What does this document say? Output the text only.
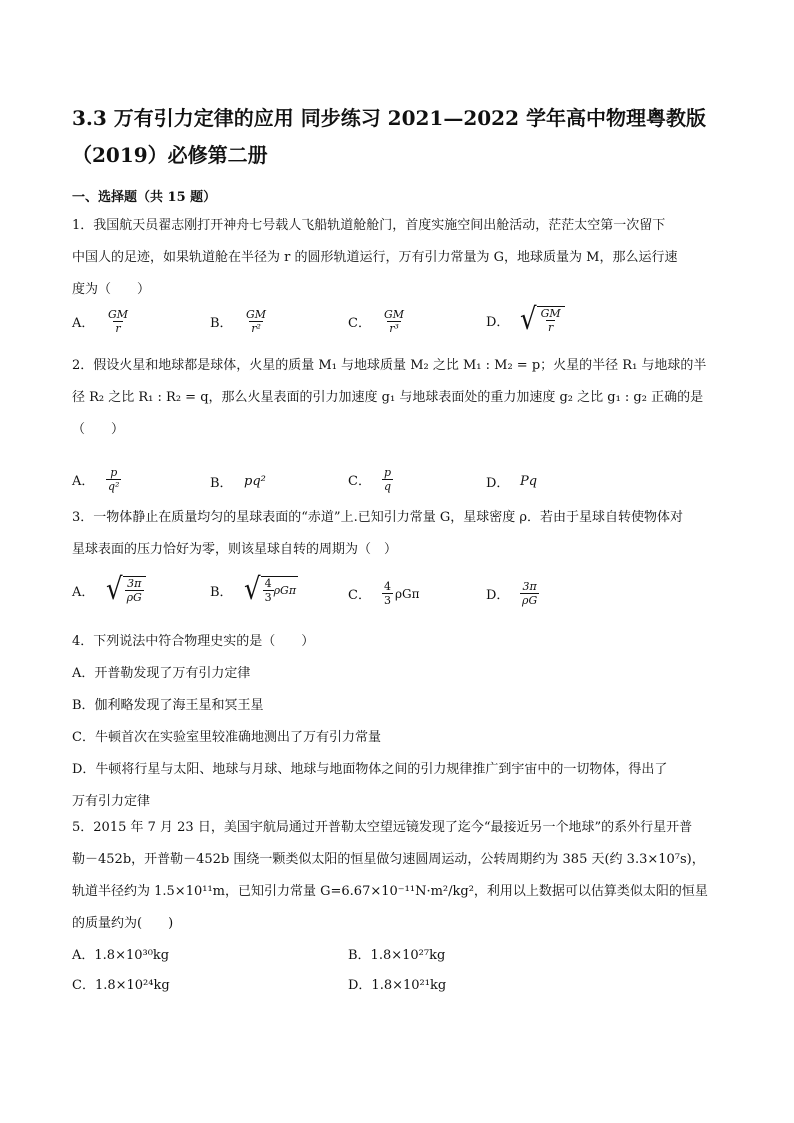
3.3 万有引力定律的应用 同步练习 2021—2022 学年高中物理粤教版（2019）必修第二册
一、选择题（共 15 题）
1．我国航天员翟志刚打开神舟七号载人飞船轨道舱舱门，首度实施空间出舱活动，茫茫太空第一次留下
中国人的足迹，如果轨道舱在半径为 r 的圆形轨道运行，万有引力常量为 G，地球质量为 M，那么运行速
度为（　　）
A．	$\frac{GM}{r}$	B．	$\frac{GM}{\text{r²}}$	C．	$\frac{GM}{\text{r³}}$	D． √ $\frac{GM}{r}$
2．假设火星和地球都是球体，火星的质量 M₁ 与地球质量 M₂ 之比 M₁ : M₂ = p；火星的半径 R₁ 与地球的半
径 R₂ 之比 R₁ : R₂ = q，那么火星表面的引力加速度 g₁ 与地球表面处的重力加速度 g₂ 之比 g₁ : g₂ 正确的是
（　　）
A．	$\frac{p}{\text{q²}}$	B． pq²	C．	$\frac{p}{q}$	D． Pq
3．一物体静止在质量均匀的星球表面的“赤道”上.已知引力常量 G，星球密度 ρ．若由于星球自转使物体对
星球表面的压力恰好为零，则该星球自转的周期为（　）
A． √ $\frac{3\pi}{\rho G}$	B． √ $\frac{4}{3}$ ρGπ	C．	$\frac{4}{3}$ ρGπ	D． $\frac{3\pi}{\rho G}$
4．下列说法中符合物理史实的是（　　）
A．开普勒发现了万有引力定律
B．伽利略发现了海王星和冥王星
C．牛顿首次在实验室里较准确地测出了万有引力常量
D．牛顿将行星与太阳、地球与月球、地球与地面物体之间的引力规律推广到宇宙中的一切物体，得出了
万有引力定律
5．2015 年 7 月 23 日，美国宇航局通过开普勒太空望远镜发现了迄今“最接近另一个地球”的系外行星开普
勒－452b，开普勒－452b 围绕一颗类似太阳的恒星做匀速圆周运动，公转周期约为 385 天(约 3.3×10⁷s)，
轨道半径约为 1.5×10¹¹m，已知引力常量 G=6.67×10⁻¹¹N·m²/kg²，利用以上数据可以估算类似太阳的恒星
的质量约为(　　)
A．1.8×10³⁰kg	B．1.8×10²⁷kg
C．1.8×10²⁴kg	D．1.8×10²¹kg
